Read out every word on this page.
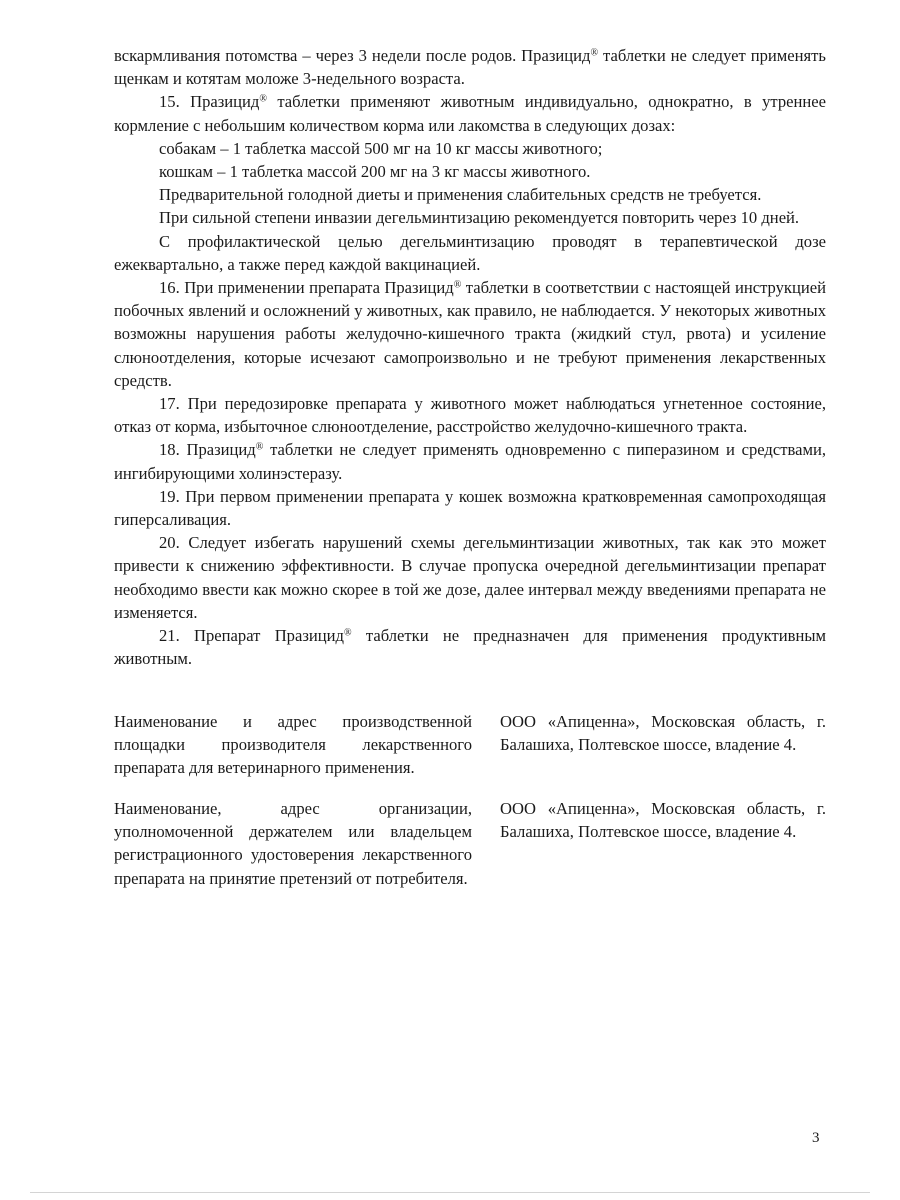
вскармливания потомства – через 3 недели после родов. Празицид® таблетки не следует применять щенкам и котятам моложе 3-недельного возраста.

15. Празицид® таблетки применяют животным индивидуально, однократно, в утреннее кормление с небольшим количеством корма или лакомства в следующих дозах:

собакам – 1 таблетка массой 500 мг на 10 кг массы животного;

кошкам – 1 таблетка массой 200 мг на 3 кг массы животного.

Предварительной голодной диеты и применения слабительных средств не требуется.

При сильной степени инвазии дегельминтизацию рекомендуется повторить через 10 дней.

С профилактической целью дегельминтизацию проводят в терапевтической дозе ежеквартально, а также перед каждой вакцинацией.

16. При применении препарата Празицид® таблетки в соответствии с настоящей инструкцией побочных явлений и осложнений у животных, как правило, не наблюдается. У некоторых животных возможны нарушения работы желудочно-кишечного тракта (жидкий стул, рвота) и усиление слюноотделения, которые исчезают самопроизвольно и не требуют применения лекарственных средств.

17. При передозировке препарата у животного может наблюдаться угнетенное состояние, отказ от корма, избыточное слюноотделение, расстройство желудочно-кишечного тракта.

18. Празицид® таблетки не следует применять одновременно с пиперазином и средствами, ингибирующими холинэстеразу.

19. При первом применении препарата у кошек возможна кратковременная самопроходящая гиперсаливация.

20. Следует избегать нарушений схемы дегельминтизации животных, так как это может привести к снижению эффективности. В случае пропуска очередной дегельминтизации препарат необходимо ввести как можно скорее в той же дозе, далее интервал между введениями препарата не изменяется.

21. Препарат Празицид® таблетки не предназначен для применения продуктивным животным.

Наименование и адрес производственной площадки производителя лекарственного препарата для ветеринарного применения.
ООО «Апиценна», Московская область, г. Балашиха, Полтевское шоссе, владение 4.
Наименование, адрес организации, уполномоченной держателем или владельцем регистрационного удостоверения лекарственного препарата на принятие претензий от потребителя.
ООО «Апиценна», Московская область, г. Балашиха, Полтевское шоссе, владение 4.
3
